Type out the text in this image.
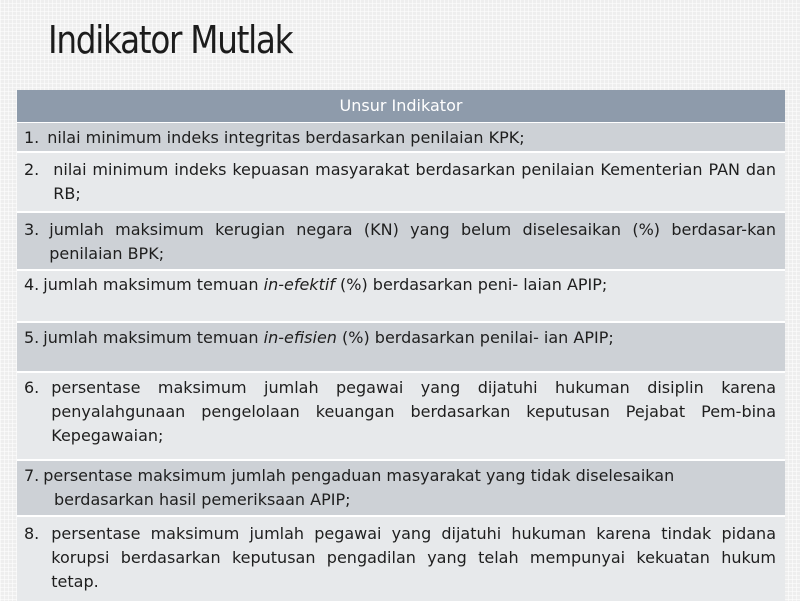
Indikator Mutlak
Unsur Indikator
1. nilai minimum indeks integritas berdasarkan penilaian KPK;
2. nilai minimum indeks kepuasan masyarakat berdasarkan penilaian Kementerian PAN dan RB;
3. jumlah maksimum kerugian negara (KN) yang belum diselesaikan (%) berdasar-kan penilaian BPK;
4. jumlah maksimum temuan in-efektif (%) berdasarkan peni- laian APIP;
5. jumlah maksimum temuan in-efisien (%) berdasarkan penilai- ian APIP;
6. persentase maksimum jumlah pegawai yang dijatuhi hukuman disiplin karena penyalahgunaan pengelolaan keuangan berdasarkan keputusan Pejabat Pem-bina Kepegawaian;
7. persentase maksimum jumlah pengaduan masyarakat yang tidak diselesaikan
berdasarkan hasil pemeriksaan APIP;
8. persentase maksimum jumlah pegawai yang dijatuhi hukuman karena tindak pidana korupsi berdasarkan keputusan pengadilan yang telah mempunyai kekuatan hukum tetap.
